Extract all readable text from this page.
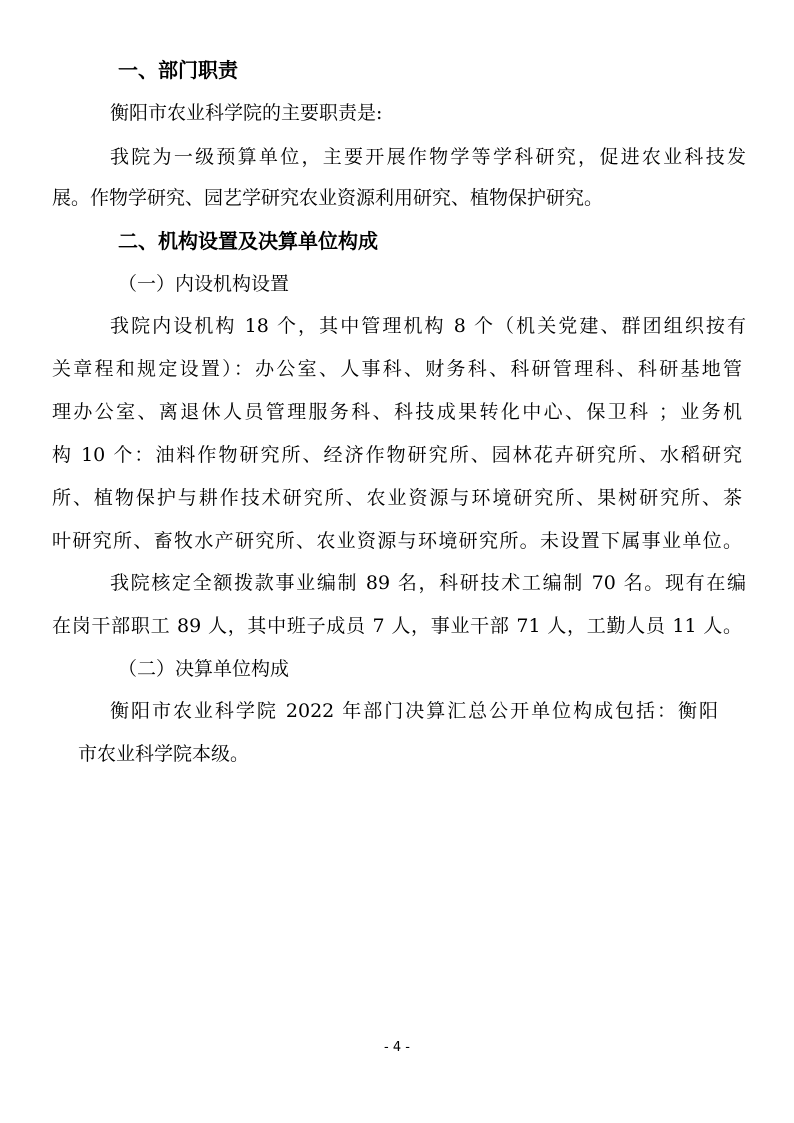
一、部门职责

衡阳市农业科学院的主要职责是:

我院为一级预算单位，主要开展作物学等学科研究，促进农业科技发

展。作物学研究、园艺学研究农业资源利用研究、植物保护研究。

二、机构设置及决算单位构成

（一）内设机构设置

我院内设机构 18 个，其中管理机构 8 个（机关党建、群团组织按有

关章程和规定设置）：办公室、人事科、财务科、科研管理科、科研基地管

理办公室、离退休人员管理服务科、科技成果转化中心、保卫科 ；业务机

构 10 个：油料作物研究所、经济作物研究所、园林花卉研究所、水稻研究

所、植物保护与耕作技术研究所、农业资源与环境研究所、果树研究所、茶

叶研究所、畜牧水产研究所、农业资源与环境研究所。未设置下属事业单位。

我院核定全额拨款事业编制 89 名，科研技术工编制 70 名。现有在编

在岗干部职工 89 人，其中班子成员 7 人，事业干部 71 人，工勤人员 11 人。

（二）决算单位构成

衡阳市农业科学院 2022 年部门决算汇总公开单位构成包括：衡阳

市农业科学院本级。

- 4 -
